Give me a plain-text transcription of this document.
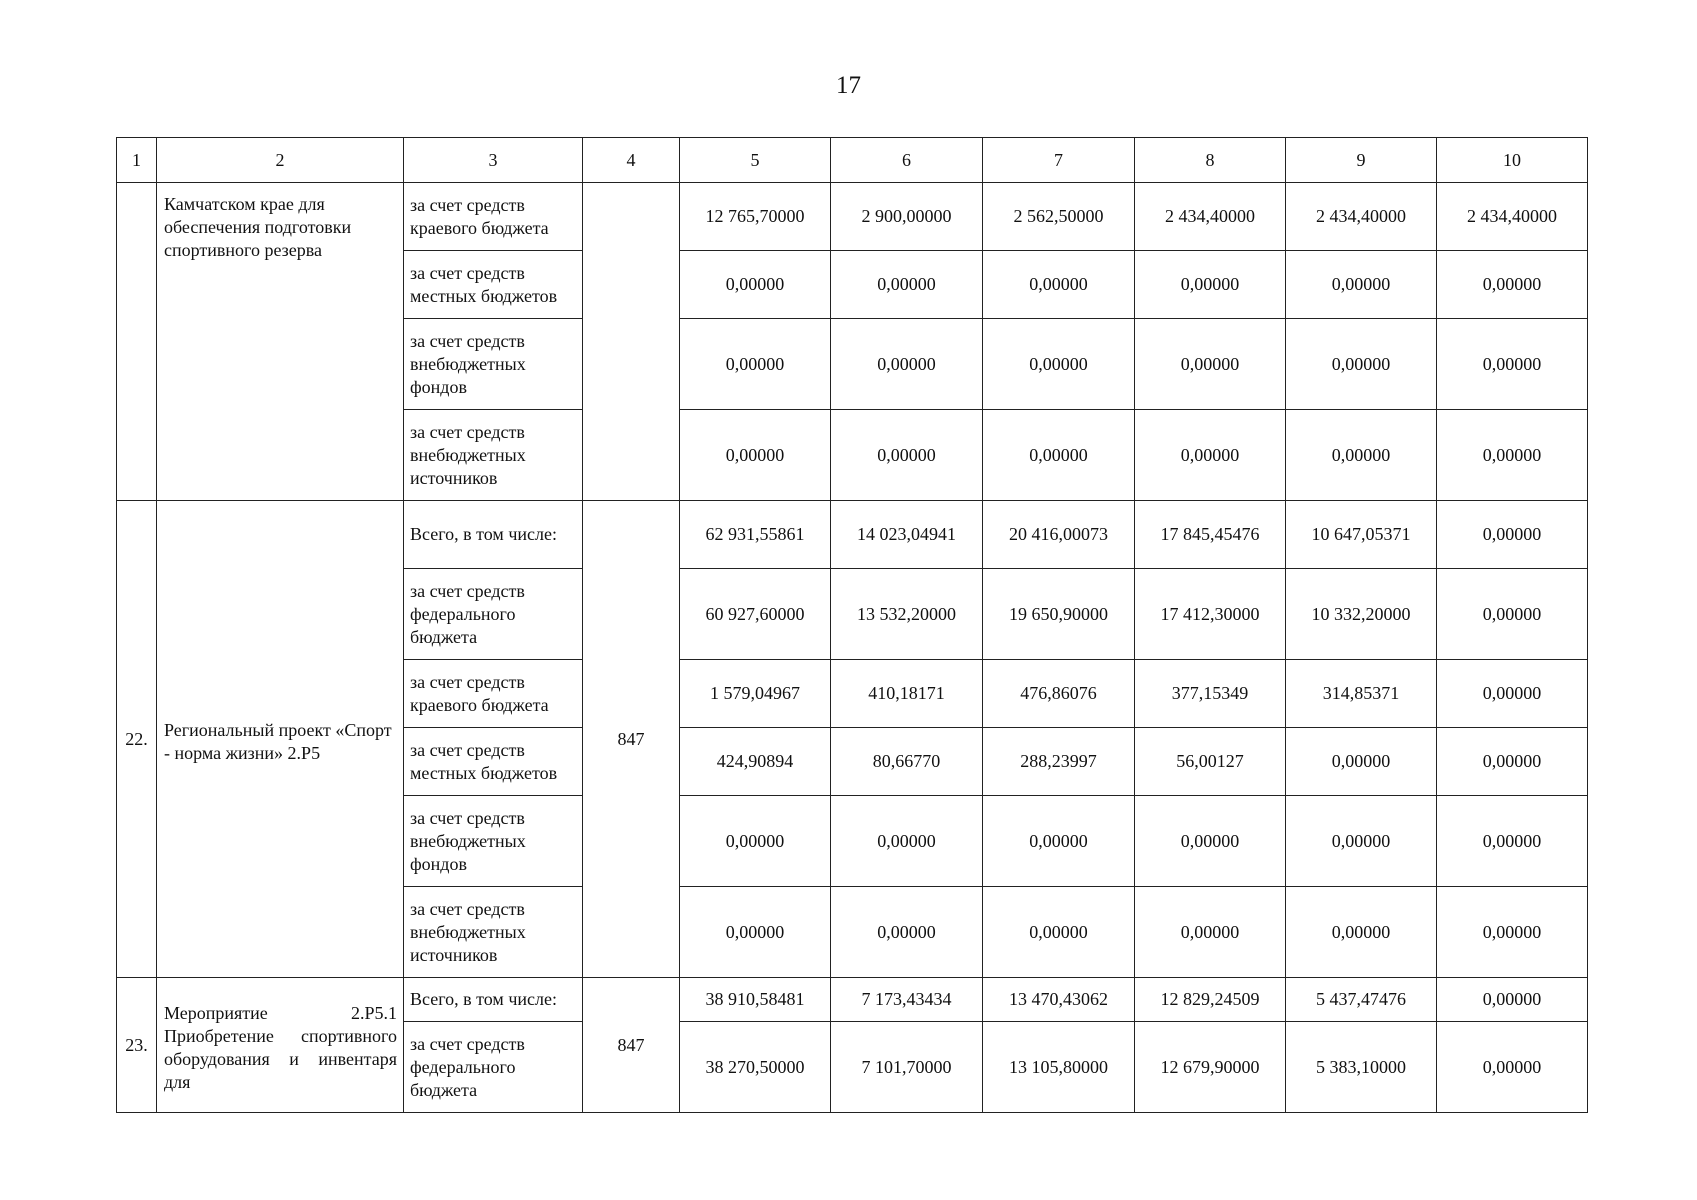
17
1	2	3	4	5	6	7	8	9	10
	Камчатском крае для обеспечения подготовки спортивного резерва	за счет средств краевого бюджета		12 765,70000	2 900,00000	2 562,50000	2 434,40000	2 434,40000	2 434,40000
		за счет средств местных бюджетов		0,00000	0,00000	0,00000	0,00000	0,00000	0,00000
		за счет средств внебюджетных фондов		0,00000	0,00000	0,00000	0,00000	0,00000	0,00000
		за счет средств внебюджетных источников		0,00000	0,00000	0,00000	0,00000	0,00000	0,00000
22.	Региональный проект «Спорт - норма жизни» 2.P5	Всего, в том числе:	847	62 931,55861	14 023,04941	20 416,00073	17 845,45476	10 647,05371	0,00000
		за счет средств федерального бюджета		60 927,60000	13 532,20000	19 650,90000	17 412,30000	10 332,20000	0,00000
		за счет средств краевого бюджета		1 579,04967	410,18171	476,86076	377,15349	314,85371	0,00000
		за счет средств местных бюджетов		424,90894	80,66770	288,23997	56,00127	0,00000	0,00000
		за счет средств внебюджетных фондов		0,00000	0,00000	0,00000	0,00000	0,00000	0,00000
		за счет средств внебюджетных источников		0,00000	0,00000	0,00000	0,00000	0,00000	0,00000
23.	Мероприятие 2.P5.1 Приобретение спортивного оборудования и инвентаря для	Всего, в том числе:	847	38 910,58481	7 173,43434	13 470,43062	12 829,24509	5 437,47476	0,00000
		за счет средств федерального бюджета		38 270,50000	7 101,70000	13 105,80000	12 679,90000	5 383,10000	0,00000
